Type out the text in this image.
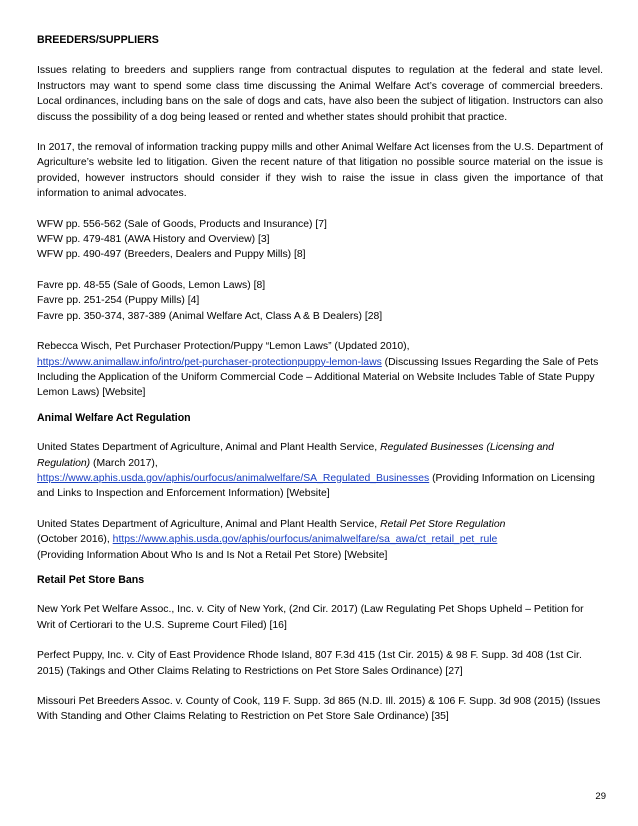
BREEDERS/SUPPLIERS

Issues relating to breeders and suppliers range from contractual disputes to regulation at the federal and state level. Instructors may want to spend some class time discussing the Animal Welfare Act’s coverage of commercial breeders. Local ordinances, including bans on the sale of dogs and cats, have also been the subject of litigation. Instructors can also discuss the possibility of a dog being leased or rented and whether states should prohibit that practice.

In 2017, the removal of information tracking puppy mills and other Animal Welfare Act licenses from the U.S. Department of Agriculture’s website led to litigation. Given the recent nature of that litigation no possible source material on the issue is provided, however instructors should consider if they wish to raise the issue in class given the importance of that information to animal advocates.

WFW pp. 556-562 (Sale of Goods, Products and Insurance) [7]

WFW pp. 479-481 (AWA History and Overview) [3]

WFW pp. 490-497 (Breeders, Dealers and Puppy Mills) [8]

Favre pp. 48-55 (Sale of Goods, Lemon Laws) [8]

Favre pp. 251-254 (Puppy Mills) [4]

Favre pp. 350-374, 387-389 (Animal Welfare Act, Class A & B Dealers) [28]

Rebecca Wisch, Pet Purchaser Protection/Puppy “Lemon Laws” (Updated 2010),
https://www.animallaw.info/intro/pet-purchaser-protectionpuppy-lemon-laws (Discussing Issues Regarding the Sale of Pets Including the Application of the Uniform Commercial Code – Additional Material on Website Includes Table of State Puppy Lemon Laws) [Website]

Animal Welfare Act Regulation

United States Department of Agriculture, Animal and Plant Health Service, Regulated Businesses (Licensing and Regulation) (March 2017),
https://www.aphis.usda.gov/aphis/ourfocus/animalwelfare/SA_Regulated_Businesses (Providing Information on Licensing and Links to Inspection and Enforcement Information) [Website]

United States Department of Agriculture, Animal and Plant Health Service, Retail Pet Store Regulation
(October 2016), https://www.aphis.usda.gov/aphis/ourfocus/animalwelfare/sa_awa/ct_retail_pet_rule
(Providing Information About Who Is and Is Not a Retail Pet Store) [Website]

Retail Pet Store Bans

New York Pet Welfare Assoc., Inc. v. City of New York, (2nd Cir. 2017) (Law Regulating Pet Shops Upheld – Petition for Writ of Certiorari to the U.S. Supreme Court Filed) [16]

Perfect Puppy, Inc. v. City of East Providence Rhode Island, 807 F.3d 415 (1st Cir. 2015) & 98 F. Supp. 3d 408 (1st Cir. 2015) (Takings and Other Claims Relating to Restrictions on Pet Store Sales Ordinance) [27]

Missouri Pet Breeders Assoc. v. County of Cook, 119 F. Supp. 3d 865 (N.D. Ill. 2015) & 106 F. Supp. 3d 908 (2015) (Issues With Standing and Other Claims Relating to Restriction on Pet Store Sale Ordinance) [35]

29
